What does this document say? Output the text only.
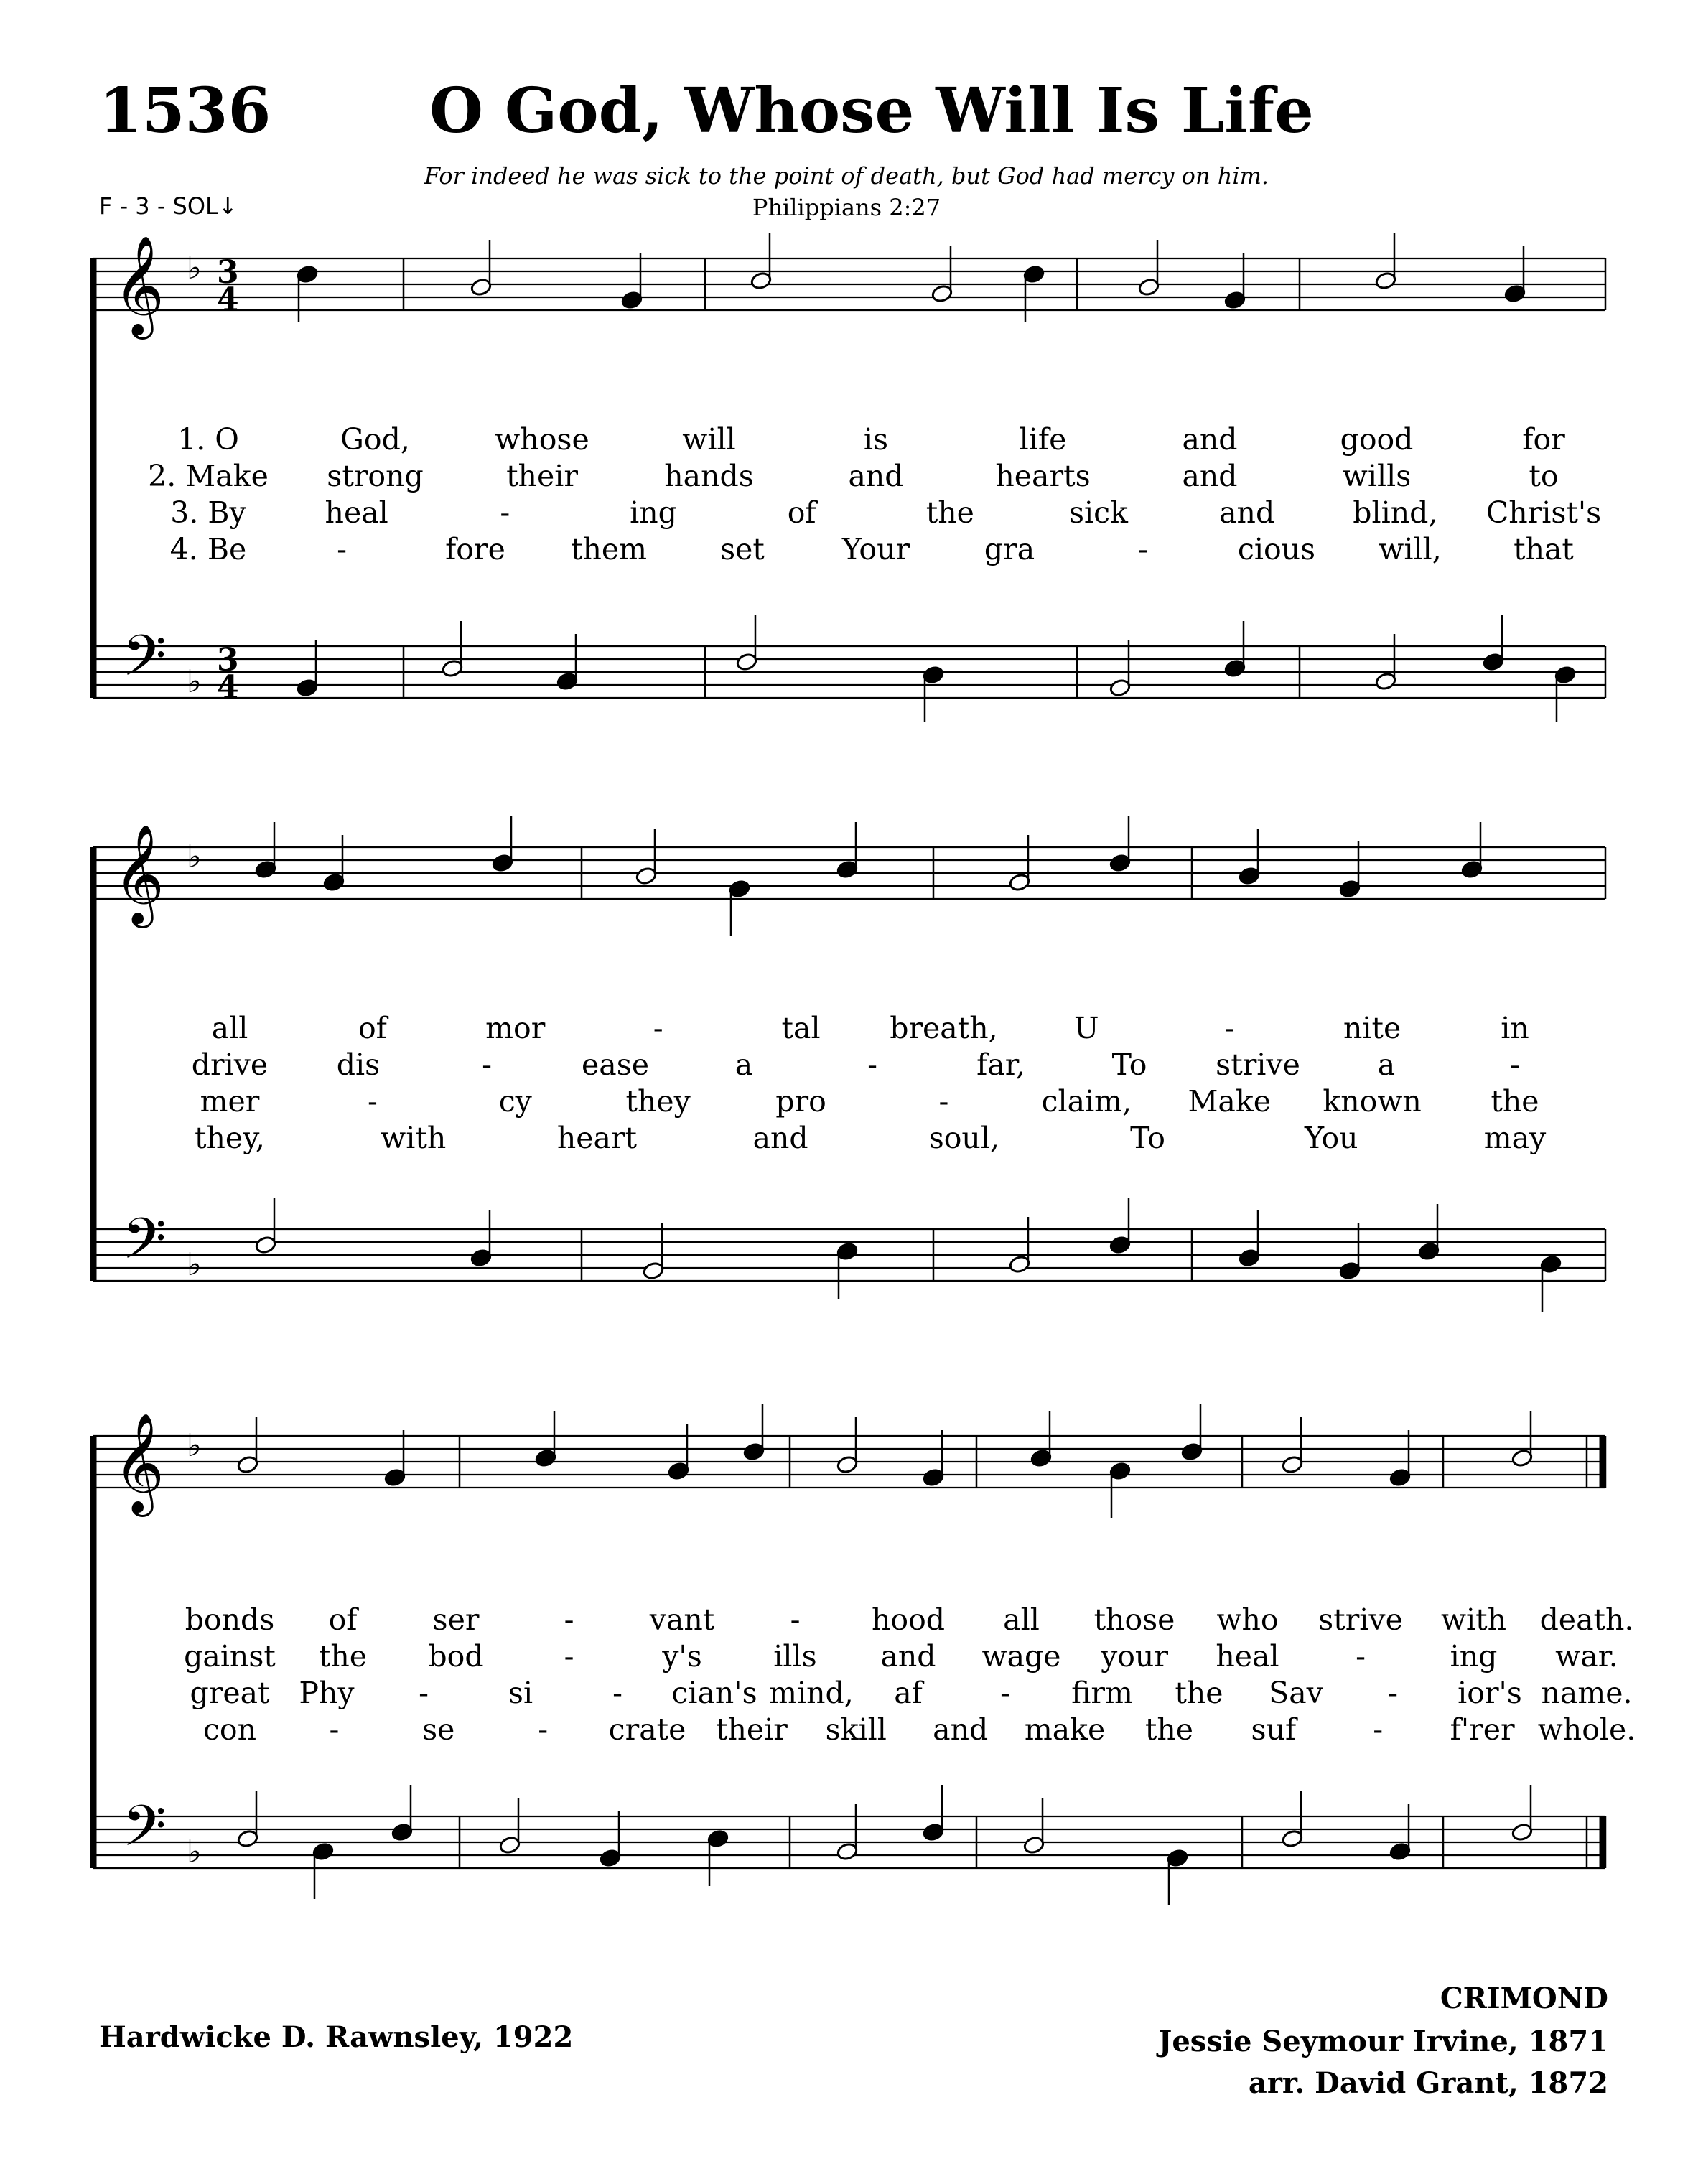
1536	O God, Whose Will Is Life
For indeed he was sick to the point of death, but God had mercy on him.
Philippians 2:27
F - 3 - SOL↓
𝄞
𝄢
♭
♭
3
4
3
4
𝄞
𝄢
♭
♭
𝄞
𝄢
♭
♭
1. O	God,	whose	will	is	life	and	good	for
2. Make strong	their	hands	and	hearts	and	wills	to
3. By	heal	-	ing	of	the	sick	and	blind, Christ's
4. Be	-	fore them set	Your	gra	-	cious will, that
all	of	mor	-	tal breath,	U	-	nite	in
drive dis	-	ease	a	-	far,	To strive	a	-
mer	-	cy	they	pro	-	claim, Make known the
they,	with	heart	and	soul,	To	You	may
bonds of	ser	-	vant	- hood all those who strive with death.
gainst the bod	-	y's ills and wage your heal	-	ing war.
great Phy -	si	- cian's mind, af	- firm the Sav - ior's name.
con -	se	- crate their skill and make the suf	- f'rer whole.
Hardwicke D. Rawnsley, 1922
CRIMOND
Jessie Seymour Irvine, 1871
arr. David Grant, 1872
